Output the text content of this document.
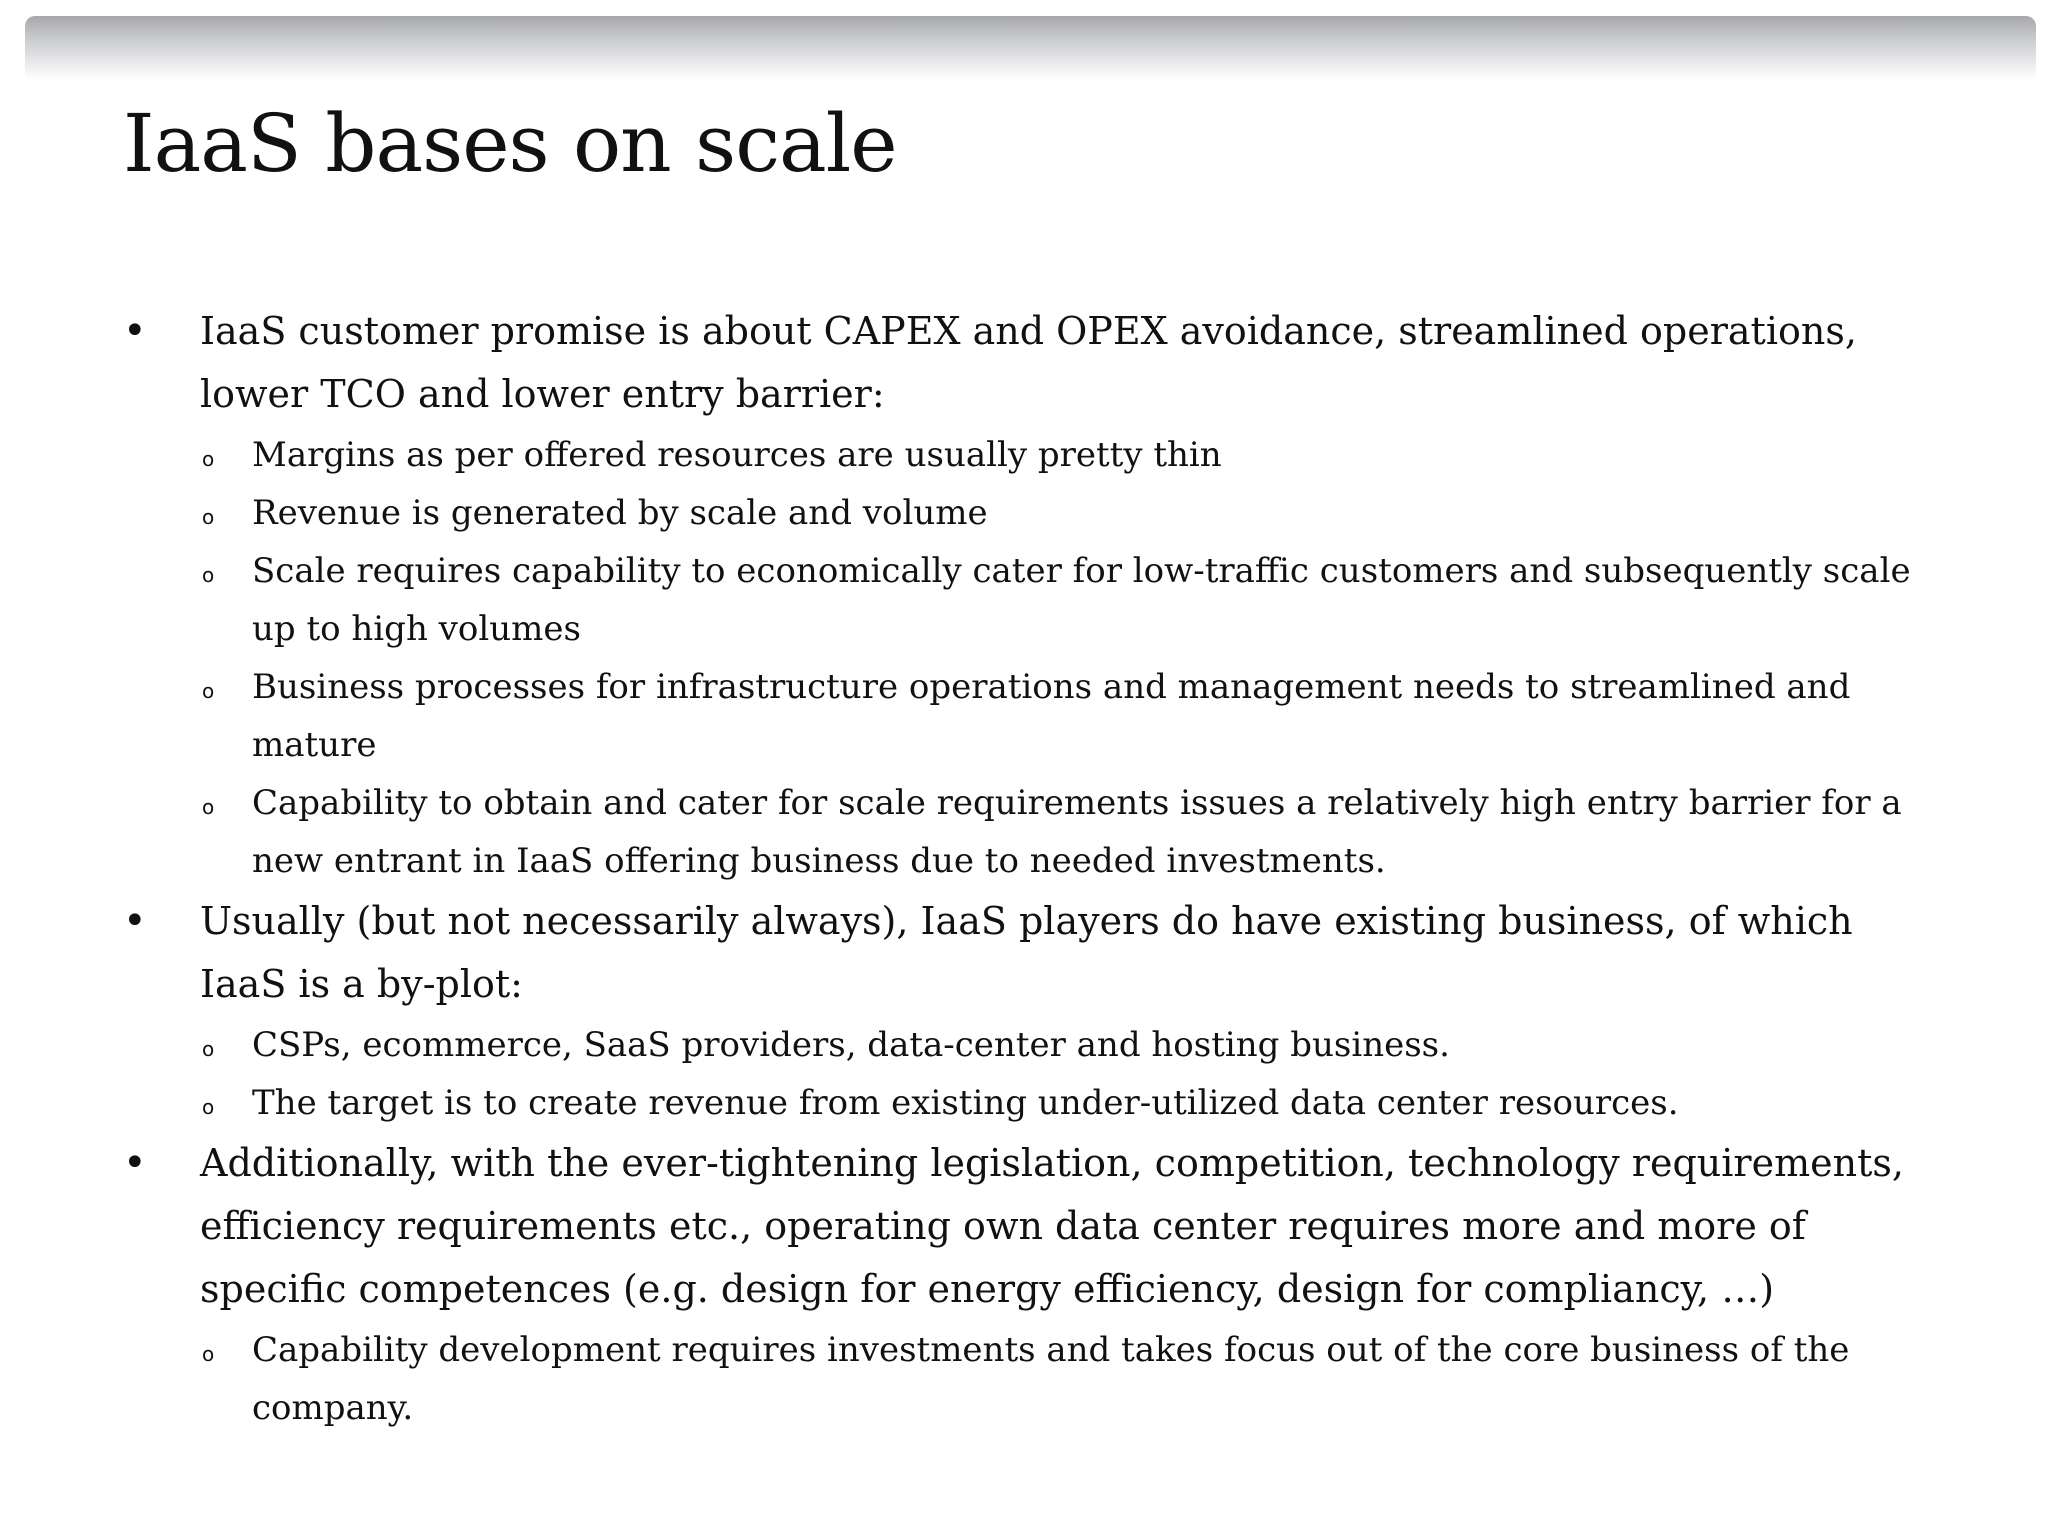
IaaS bases on scale
• IaaS customer promise is about CAPEX and OPEX avoidance, streamlined operations, lower TCO and lower entry barrier:
o Margins as per offered resources are usually pretty thin
o Revenue is generated by scale and volume
o Scale requires capability to economically cater for low-traffic customers and subsequently scale up to high volumes
o Business processes for infrastructure operations and management needs to streamlined and mature
o Capability to obtain and cater for scale requirements issues a relatively high entry barrier for a new entrant in IaaS offering business due to needed investments.
• Usually (but not necessarily always), IaaS players do have existing business, of which IaaS is a by-plot:
o CSPs, ecommerce, SaaS providers, data-center and hosting business.
o The target is to create revenue from existing under-utilized data center resources.
• Additionally, with the ever-tightening legislation, competition, technology requirements, efficiency requirements etc., operating own data center requires more and more of specific competences (e.g. design for energy efficiency, design for compliancy, …)
o Capability development requires investments and takes focus out of the core business of the company.
